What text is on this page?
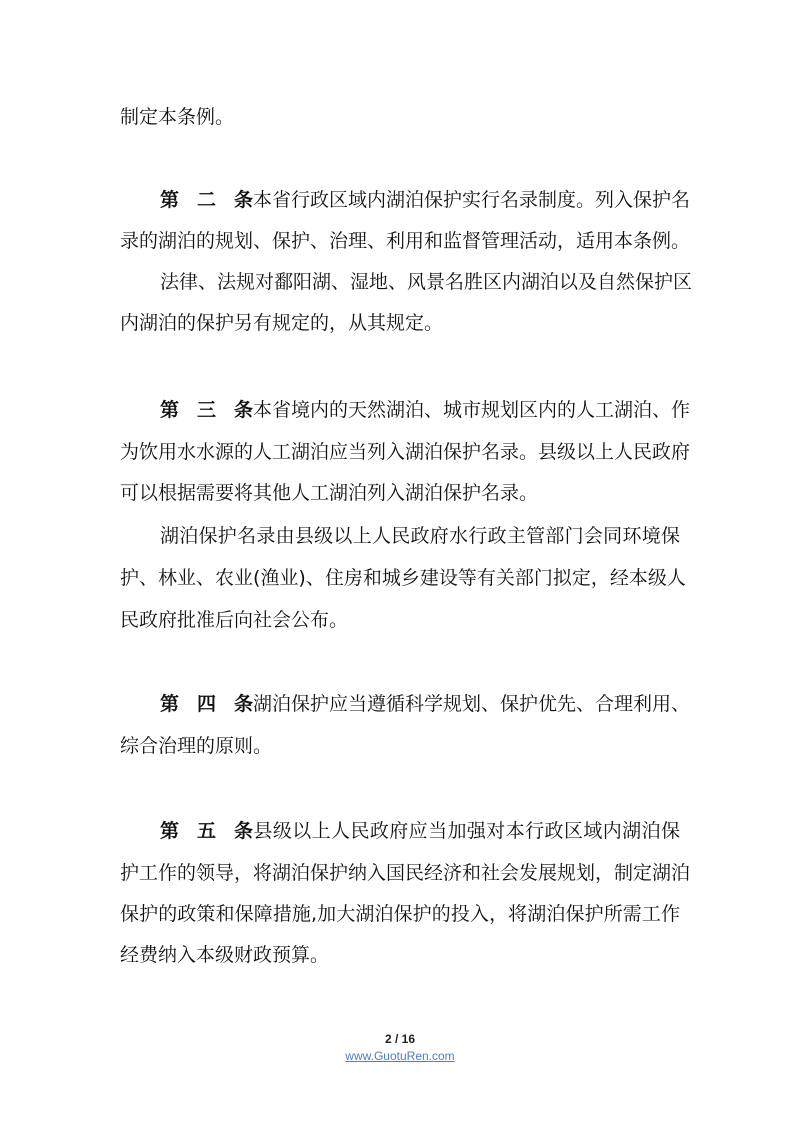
制定本条例。
第二条本省行政区域内湖泊保护实行名录制度。列入保护名
录的湖泊的规划、保护、治理、利用和监督管理活动，适用本条例。
法律、法规对鄱阳湖、湿地、风景名胜区内湖泊以及自然保护区
内湖泊的保护另有规定的，从其规定。
第三条本省境内的天然湖泊、城市规划区内的人工湖泊、作
为饮用水水源的人工湖泊应当列入湖泊保护名录。县级以上人民政府
可以根据需要将其他人工湖泊列入湖泊保护名录。
湖泊保护名录由县级以上人民政府水行政主管部门会同环境保
护、林业、农业(渔业)、住房和城乡建设等有关部门拟定，经本级人
民政府批准后向社会公布。
第四条湖泊保护应当遵循科学规划、保护优先、合理利用、
综合治理的原则。
第五条县级以上人民政府应当加强对本行政区域内湖泊保
护工作的领导，将湖泊保护纳入国民经济和社会发展规划，制定湖泊
保护的政策和保障措施,加大湖泊保护的投入，将湖泊保护所需工作
经费纳入本级财政预算。
2 / 16
www.GuotuRen.com
